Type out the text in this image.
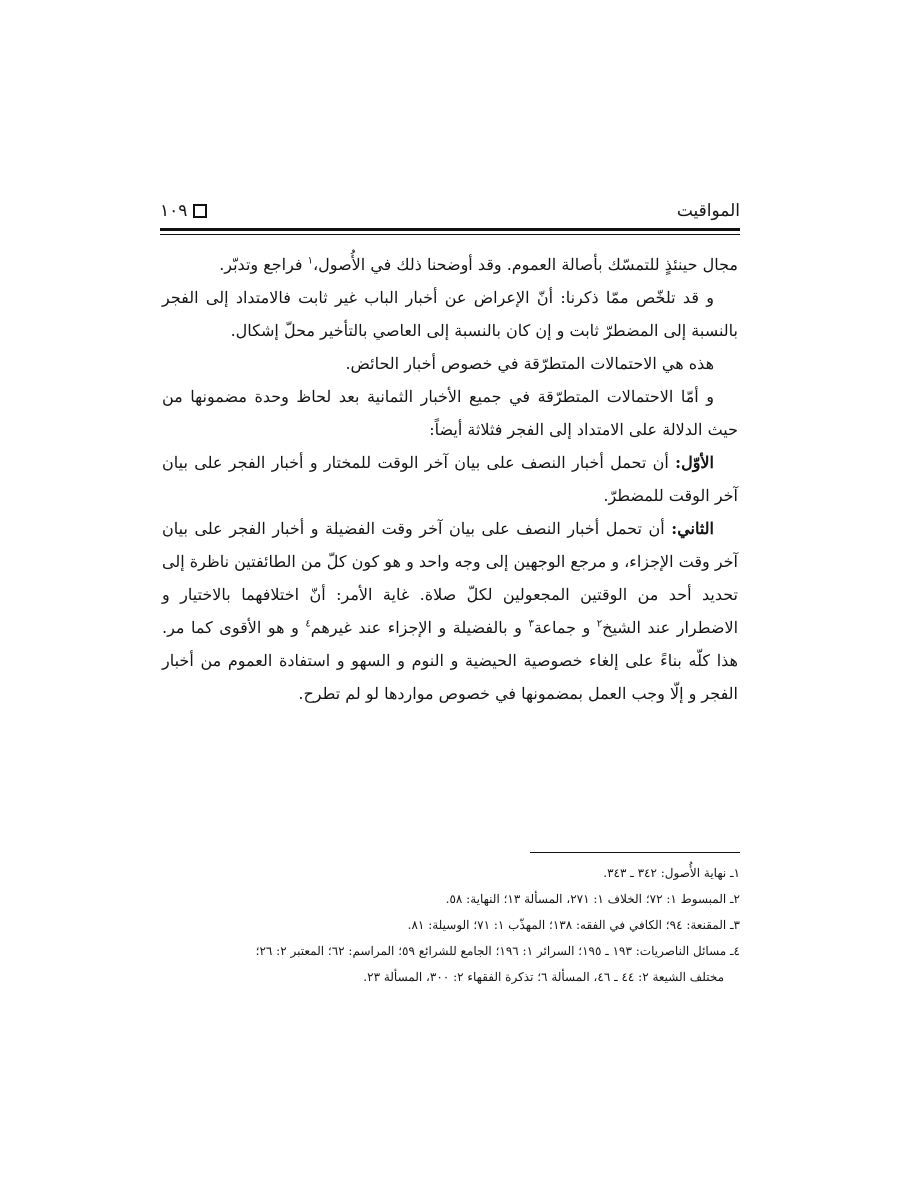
المواقيت
١٠٩

مجال حينئذٍ للتمسّك بأصالة العموم. وقد أوضحنا ذلك في الأُصول،$^١$ فراجع وتدبّر.

و قد تلخّص ممّا ذكرنا: أنّ الإعراض عن أخبار الباب غير ثابت فالامتداد إلى الفجر بالنسبة إلى المضطرّ ثابت و إن كان بالنسبة إلى العاصي بالتأخير محلّ إشكال.

هذه هي الاحتمالات المتطرّقة في خصوص أخبار الحائض.

و أمّا الاحتمالات المتطرّقة في جميع الأخبار الثمانية بعد لحاظ وحدة مضمونها من حيث الدلالة على الامتداد إلى الفجر فثلاثة أيضاً:

الأوّل: أن تحمل أخبار النصف على بيان آخر الوقت للمختار و أخبار الفجر على بيان آخر الوقت للمضطرّ.

الثاني: أن تحمل أخبار النصف على بيان آخر وقت الفضيلة و أخبار الفجر على بيان آخر وقت الإجزاء، و مرجع الوجهين إلى وجه واحد و هو كون كلّ من الطائفتين ناظرة إلى تحديد أحد من الوقتين المجعولين لكلّ صلاة. غاية الأمر: أنّ اختلافهما بالاختيار و الاضطرار عند الشيخ$^٢$ و جماعة$^٣$ و بالفضيلة و الإجزاء عند غيرهم$^٤$ و هو الأقوى كما مر. هذا كلّه بناءً على إلغاء خصوصية الحيضية و النوم و السهو و استفادة العموم من أخبار الفجر و إلّا وجب العمل بمضمونها في خصوص مواردها لو لم تطرح.

١ـ نهاية الأُصول: ٣٤٢ ـ ٣٤٣.

٢ـ المبسوط ١: ٧٢؛ الخلاف ١: ٢٧١، المسألة ١٣؛ النهاية: ٥٨.

٣ـ المقنعة: ٩٤؛ الكافي في الفقه: ١٣٨؛ المهذّب ١: ٧١؛ الوسيلة: ٨١.

٤ـ مسائل الناصريات: ١٩٣ ـ ١٩٥؛ السرائر ١: ١٩٦؛ الجامع للشرائع ٥٩؛ المراسم: ٦٢؛ المعتبر ٢: ٢٦؛

مختلف الشيعة ٢: ٤٤ ـ ٤٦، المسألة ٦؛ تذكرة الفقهاء ٢: ٣٠٠، المسألة ٢٣.
